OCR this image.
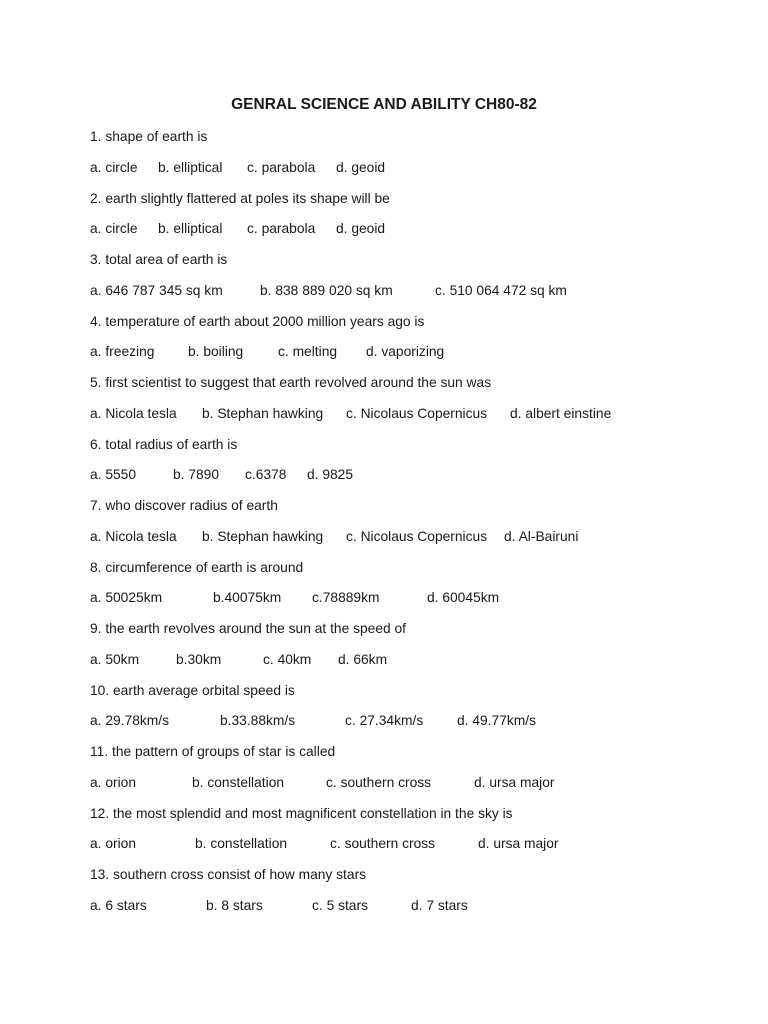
GENRAL SCIENCE AND ABILITY CH80-82
1. shape of earth is
a. circle b. elliptical c. parabola d. geoid
2. earth slightly flattered at poles its shape will be
a. circle b. elliptical c. parabola d. geoid
3. total area of earth is
a. 646 787 345 sq km	b. 838 889 020 sq km	c. 510 064 472 sq km
4. temperature of earth about 2000 million years ago is
a. freezing b. boiling	c. melting d. vaporizing
5. first scientist to suggest that earth revolved around the sun was
a. Nicola tesla b. Stephan hawking c. Nicolaus Copernicus d. albert einstine
6. total radius of earth is
a. 5550	b. 7890 c.6378 d. 9825
7. who discover radius of earth
a. Nicola tesla b. Stephan hawking c. Nicolaus Copernicus d. Al-Bairuni
8. circumference of earth is around
a. 50025km	b.40075km c.78889km	d. 60045km
9. the earth revolves around the sun at the speed of
a. 50km	b.30km	c. 40km d. 66km
10. earth average orbital speed is
a. 29.78km/s	b.33.88km/s	c. 27.34km/s d. 49.77km/s
11. the pattern of groups of star is called
a. orion	b. constellation	c. southern cross	d. ursa major
12. the most splendid and most magnificent constellation in the sky is
a. orion	b. constellation	c. southern cross	d. ursa major
13. southern cross consist of how many stars
a. 6 stars	b. 8 stars	c. 5 stars	d. 7 stars
